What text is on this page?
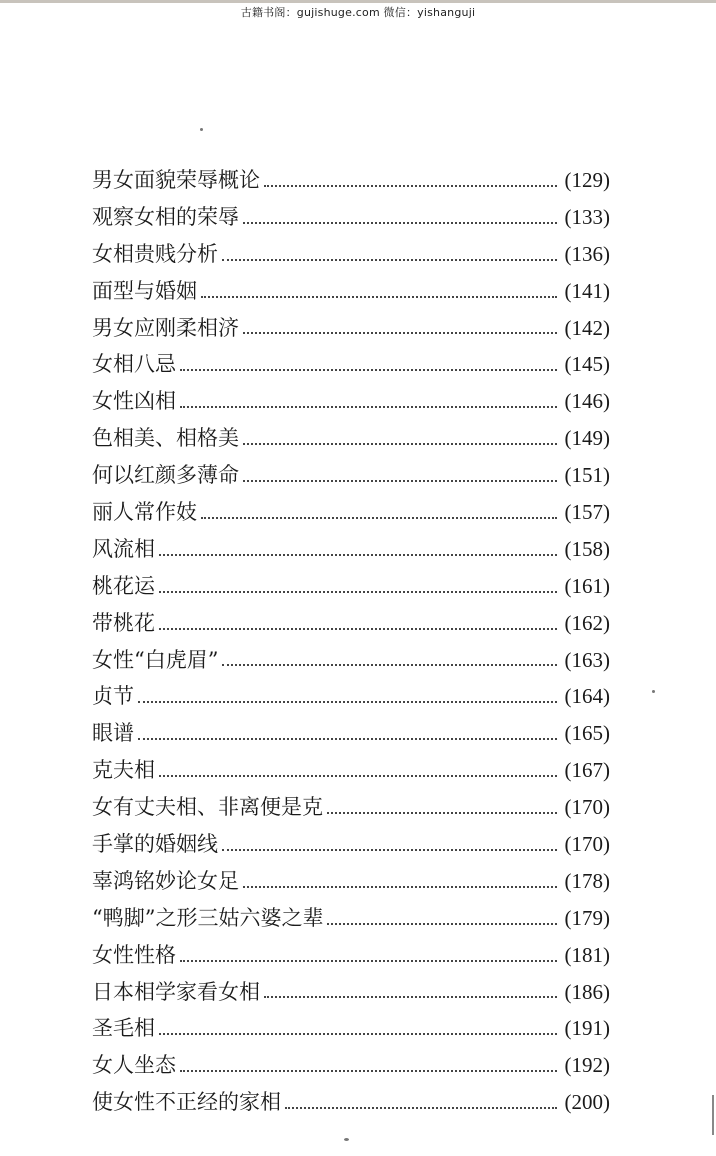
古籍书阁：gujishuge.com 微信：yishanguji
男女面貌荣辱概论	(129)
观察女相的荣辱	(133)
女相贵贱分析	(136)
面型与婚姻	(141)
男女应刚柔相济	(142)
女相八忌	(145)
女性凶相	(146)
色相美、相格美	(149)
何以红颜多薄命	(151)
丽人常作妓	(157)
风流相	(158)
桃花运	(161)
带桃花	(162)
女性“白虎眉”	(163)
贞节	(164)
眼谱	(165)
克夫相	(167)
女有丈夫相、非离便是克	(170)
手掌的婚姻线	(170)
辜鸿铭妙论女足	(178)
“鸭脚”之形三姑六婆之辈	(179)
女性性格	(181)
日本相学家看女相	(186)
圣毛相	(191)
女人坐态	(192)
使女性不正经的家相	(200)
